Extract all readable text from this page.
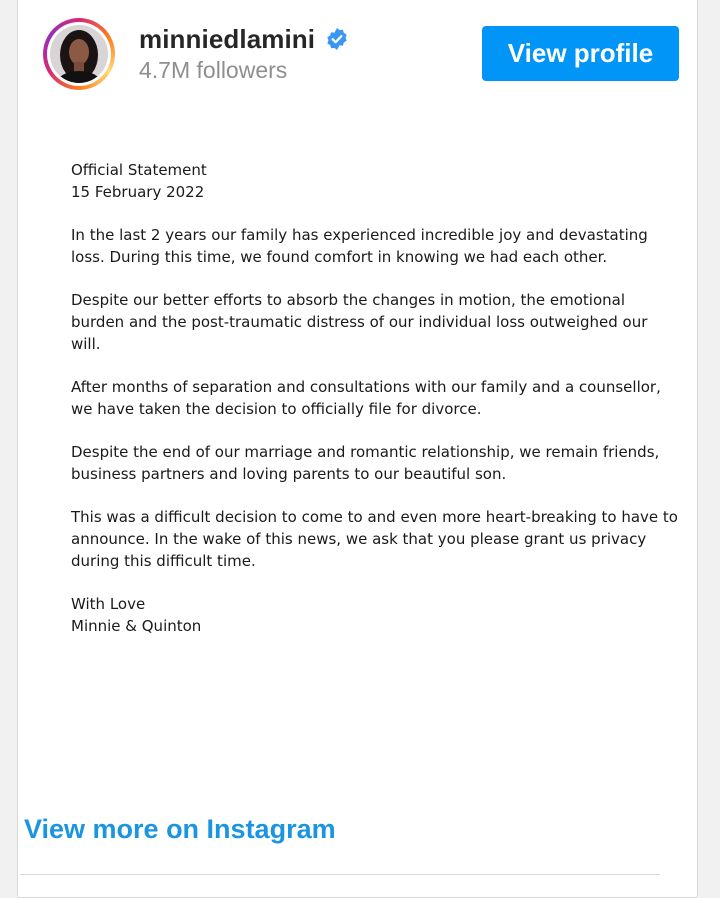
minniedlamini
4.7M followers
View profile

Official Statement
15 February 2022

In the last 2 years our family has experienced incredible joy and devastating loss. During this time, we found comfort in knowing we had each other.

Despite our better efforts to absorb the changes in motion, the emotional burden and the post-traumatic distress of our individual loss outweighed our will.

After months of separation and consultations with our family and a counsellor, we have taken the decision to officially file for divorce.

Despite the end of our marriage and romantic relationship, we remain friends, business partners and loving parents to our beautiful son.

This was a difficult decision to come to and even more heart-breaking to have to announce. In the wake of this news, we ask that you please grant us privacy during this difficult time.

With Love
Minnie & Quinton

View more on Instagram
